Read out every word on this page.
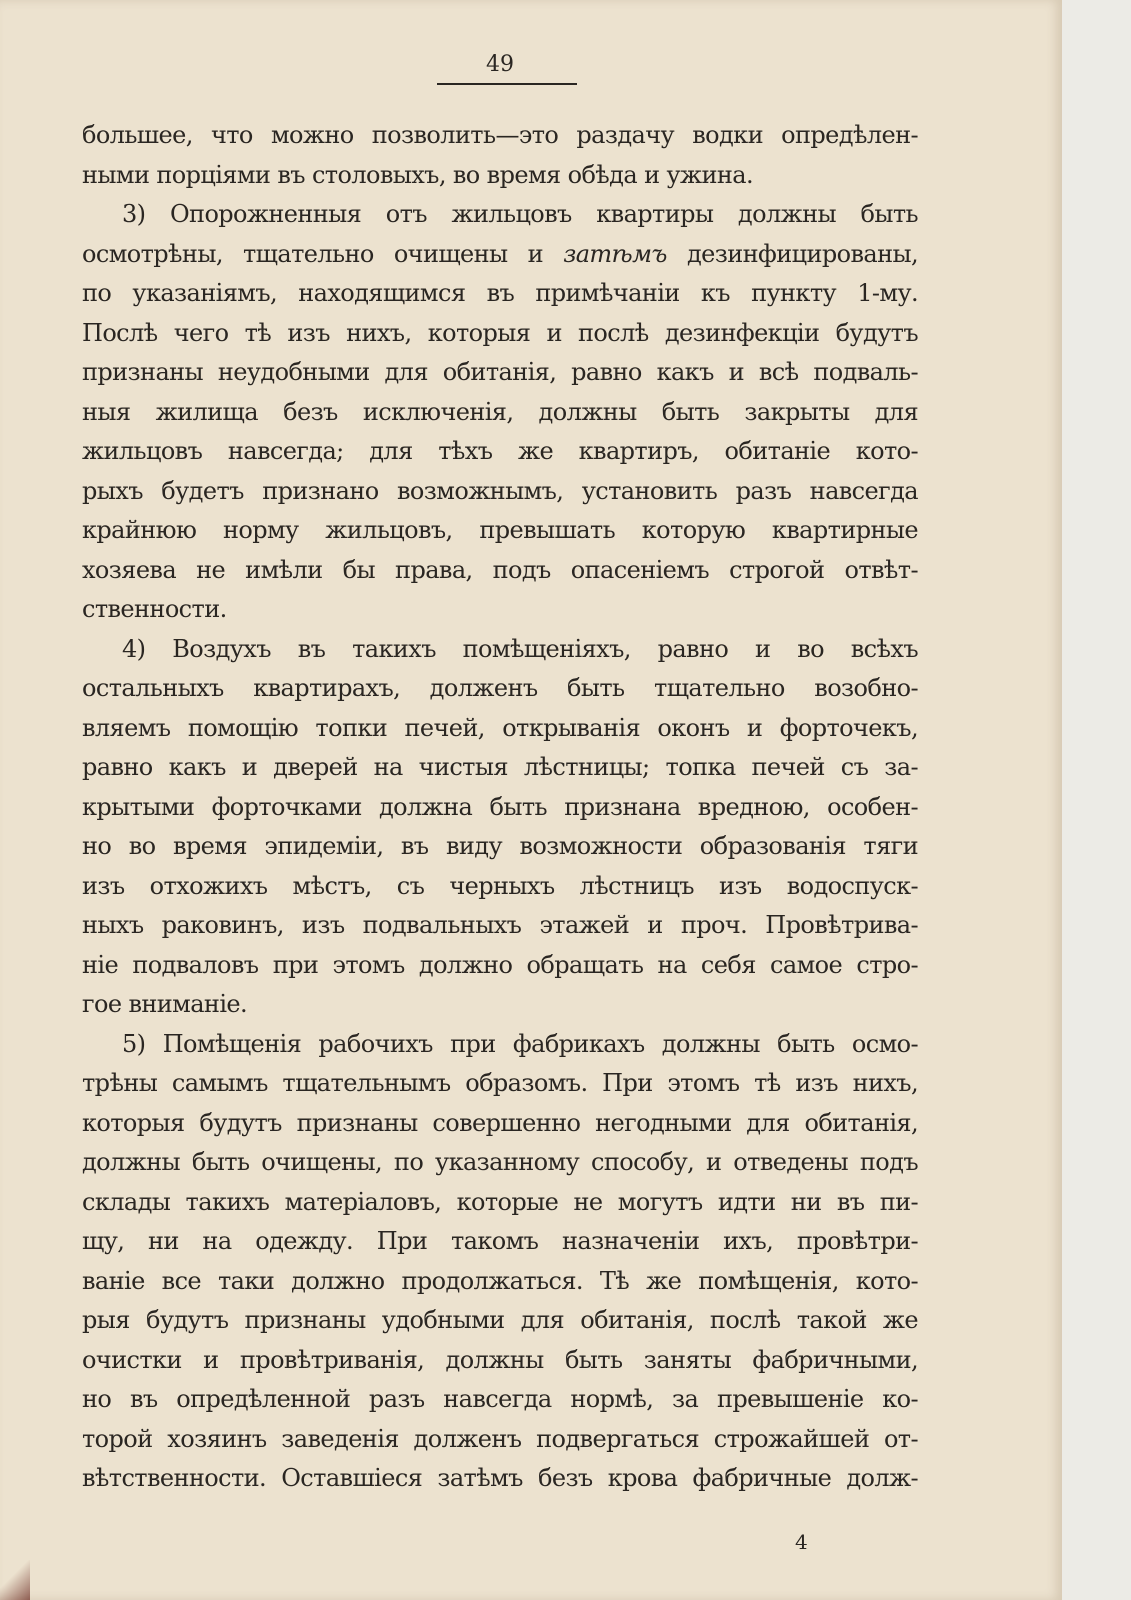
49
большее, что можно позволить—это раздачу водки опредѣлен-
ными порціями въ столовыхъ, во время обѣда и ужина.
3) Опорожненныя отъ жильцовъ квартиры должны быть
осмотрѣны, тщательно очищены и затѣмъ дезинфицированы,
по указаніямъ, находящимся въ примѣчаніи къ пункту 1-му.
Послѣ чего тѣ изъ нихъ, которыя и послѣ дезинфекціи будутъ
признаны неудобными для обитанія, равно какъ и всѣ подваль-
ныя жилища безъ исключенія, должны быть закрыты для
жильцовъ навсегда; для тѣхъ же квартиръ, обитаніе кото-
рыхъ будетъ признано возможнымъ, установить разъ навсегда
крайнюю норму жильцовъ, превышать которую квартирные
хозяева не имѣли бы права, подъ опасеніемъ строгой отвѣт-
ственности.
4) Воздухъ въ такихъ помѣщеніяхъ, равно и во всѣхъ
остальныхъ квартирахъ, долженъ быть тщательно возобно-
вляемъ помощію топки печей, открыванія оконъ и форточекъ,
равно какъ и дверей на чистыя лѣстницы; топка печей съ за-
крытыми форточками должна быть признана вредною, особен-
но во время эпидеміи, въ виду возможности образованія тяги
изъ отхожихъ мѣстъ, съ черныхъ лѣстницъ изъ водоспуск-
ныхъ раковинъ, изъ подвальныхъ этажей и проч. Провѣтрива-
ніе подваловъ при этомъ должно обращать на себя самое стро-
гое вниманіе.
5) Помѣщенія рабочихъ при фабрикахъ должны быть осмо-
трѣны самымъ тщательнымъ образомъ. При этомъ тѣ изъ нихъ,
которыя будутъ признаны совершенно негодными для обитанія,
должны быть очищены, по указанному способу, и отведены подъ
склады такихъ матеріаловъ, которые не могутъ идти ни въ пи-
щу, ни на одежду. При такомъ назначеніи ихъ, провѣтри-
ваніе все таки должно продолжаться. Тѣ же помѣщенія, кото-
рыя будутъ признаны удобными для обитанія, послѣ такой же
очистки и провѣтриванія, должны быть заняты фабричными,
но въ опредѣленной разъ навсегда нормѣ, за превышеніе ко-
торой хозяинъ заведенія долженъ подвергаться строжайшей от-
вѣтственности. Оставшіеся затѣмъ безъ крова фабричные долж-
4
